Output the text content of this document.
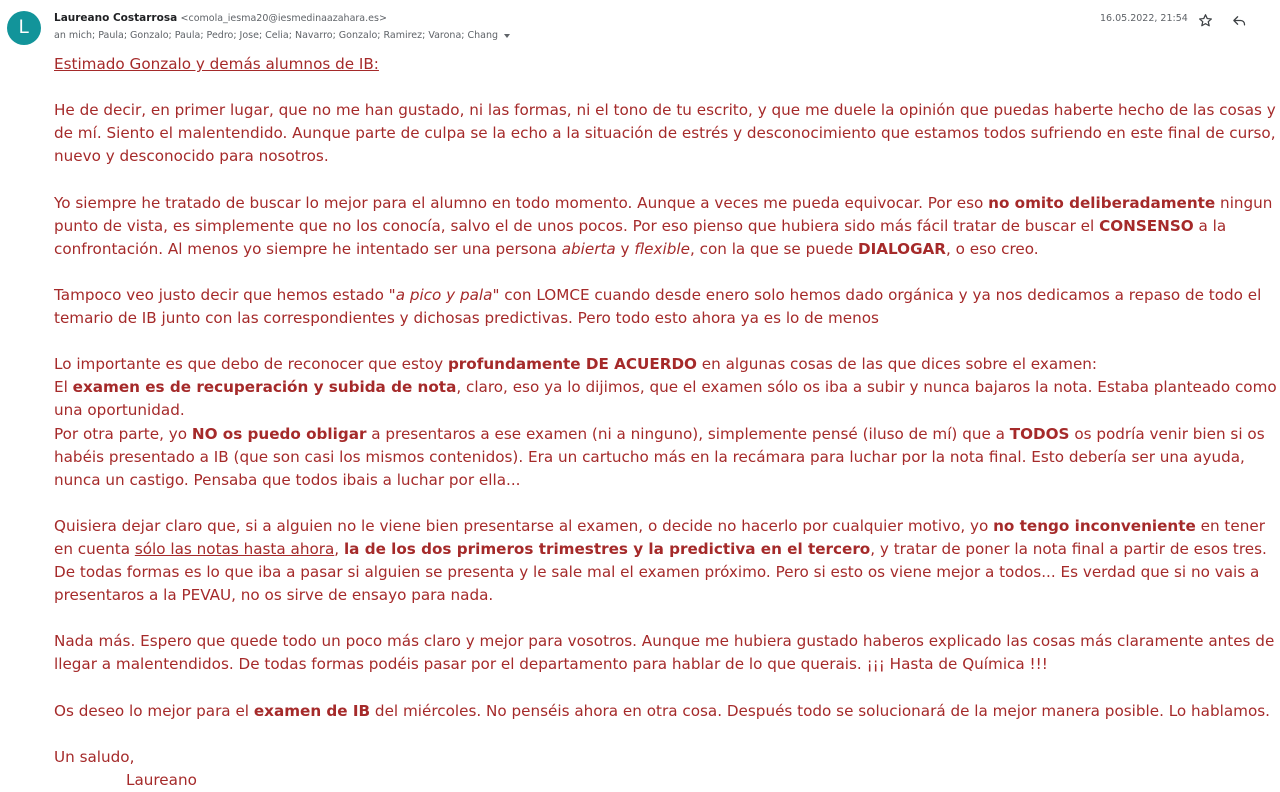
L	Laureano Costarrosa <comola_iesma20@iesmedinaazahara.es>
an mich; Paula; Gonzalo; Paula; Pedro; Jose; Celia; Navarro; Gonzalo; Ramirez; Varona; Chang
16.05.2022, 21:54

Estimado Gonzalo y demás alumnos de IB:

He de decir, en primer lugar, que no me han gustado, ni las formas, ni el tono de tu escrito, y que me duele la opinión que puedas haberte hecho de las cosas y de mí. Siento el malentendido. Aunque parte de culpa se la echo a la situación de estrés y desconocimiento que estamos todos sufriendo en este final de curso, nuevo y desconocido para nosotros.

Yo siempre he tratado de buscar lo mejor para el alumno en todo momento. Aunque a veces me pueda equivocar. Por eso no omito deliberadamente ningun punto de vista, es simplemente que no los conocía, salvo el de unos pocos. Por eso pienso que hubiera sido más fácil tratar de buscar el CONSENSO a la confrontación. Al menos yo siempre he intentado ser una persona abierta y flexible, con la que se puede DIALOGAR, o eso creo.

Tampoco veo justo decir que hemos estado "a pico y pala" con LOMCE cuando desde enero solo hemos dado orgánica y ya nos dedicamos a repaso de todo el temario de IB junto con las correspondientes y dichosas predictivas. Pero todo esto ahora ya es lo de menos

Lo importante es que debo de reconocer que estoy profundamente DE ACUERDO en algunas cosas de las que dices sobre el examen:

El examen es de recuperación y subida de nota, claro, eso ya lo dijimos, que el examen sólo os iba a subir y nunca bajaros la nota. Estaba planteado como una oportunidad.

Por otra parte, yo NO os puedo obligar a presentaros a ese examen (ni a ninguno), simplemente pensé (iluso de mí) que a TODOS os podría venir bien si os habéis presentado a IB (que son casi los mismos contenidos). Era un cartucho más en la recámara para luchar por la nota final. Esto debería ser una ayuda, nunca un castigo. Pensaba que todos ibais a luchar por ella...

Quisiera dejar claro que, si a alguien no le viene bien presentarse al examen, o decide no hacerlo por cualquier motivo, yo no tengo inconveniente en tener en cuenta sólo las notas hasta ahora, la de los dos primeros trimestres y la predictiva en el tercero, y tratar de poner la nota final a partir de esos tres. De todas formas es lo que iba a pasar si alguien se presenta y le sale mal el examen próximo. Pero si esto os viene mejor a todos... Es verdad que si no vais a presentaros a la PEVAU, no os sirve de ensayo para nada.

Nada más. Espero que quede todo un poco más claro y mejor para vosotros. Aunque me hubiera gustado haberos explicado las cosas más claramente antes de llegar a malentendidos. De todas formas podéis pasar por el departamento para hablar de lo que querais. ¡¡¡ Hasta de Química !!!

Os deseo lo mejor para el examen de IB del miércoles. No penséis ahora en otra cosa. Después todo se solucionará de la mejor manera posible. Lo hablamos.

Un saludo,

Laureano
